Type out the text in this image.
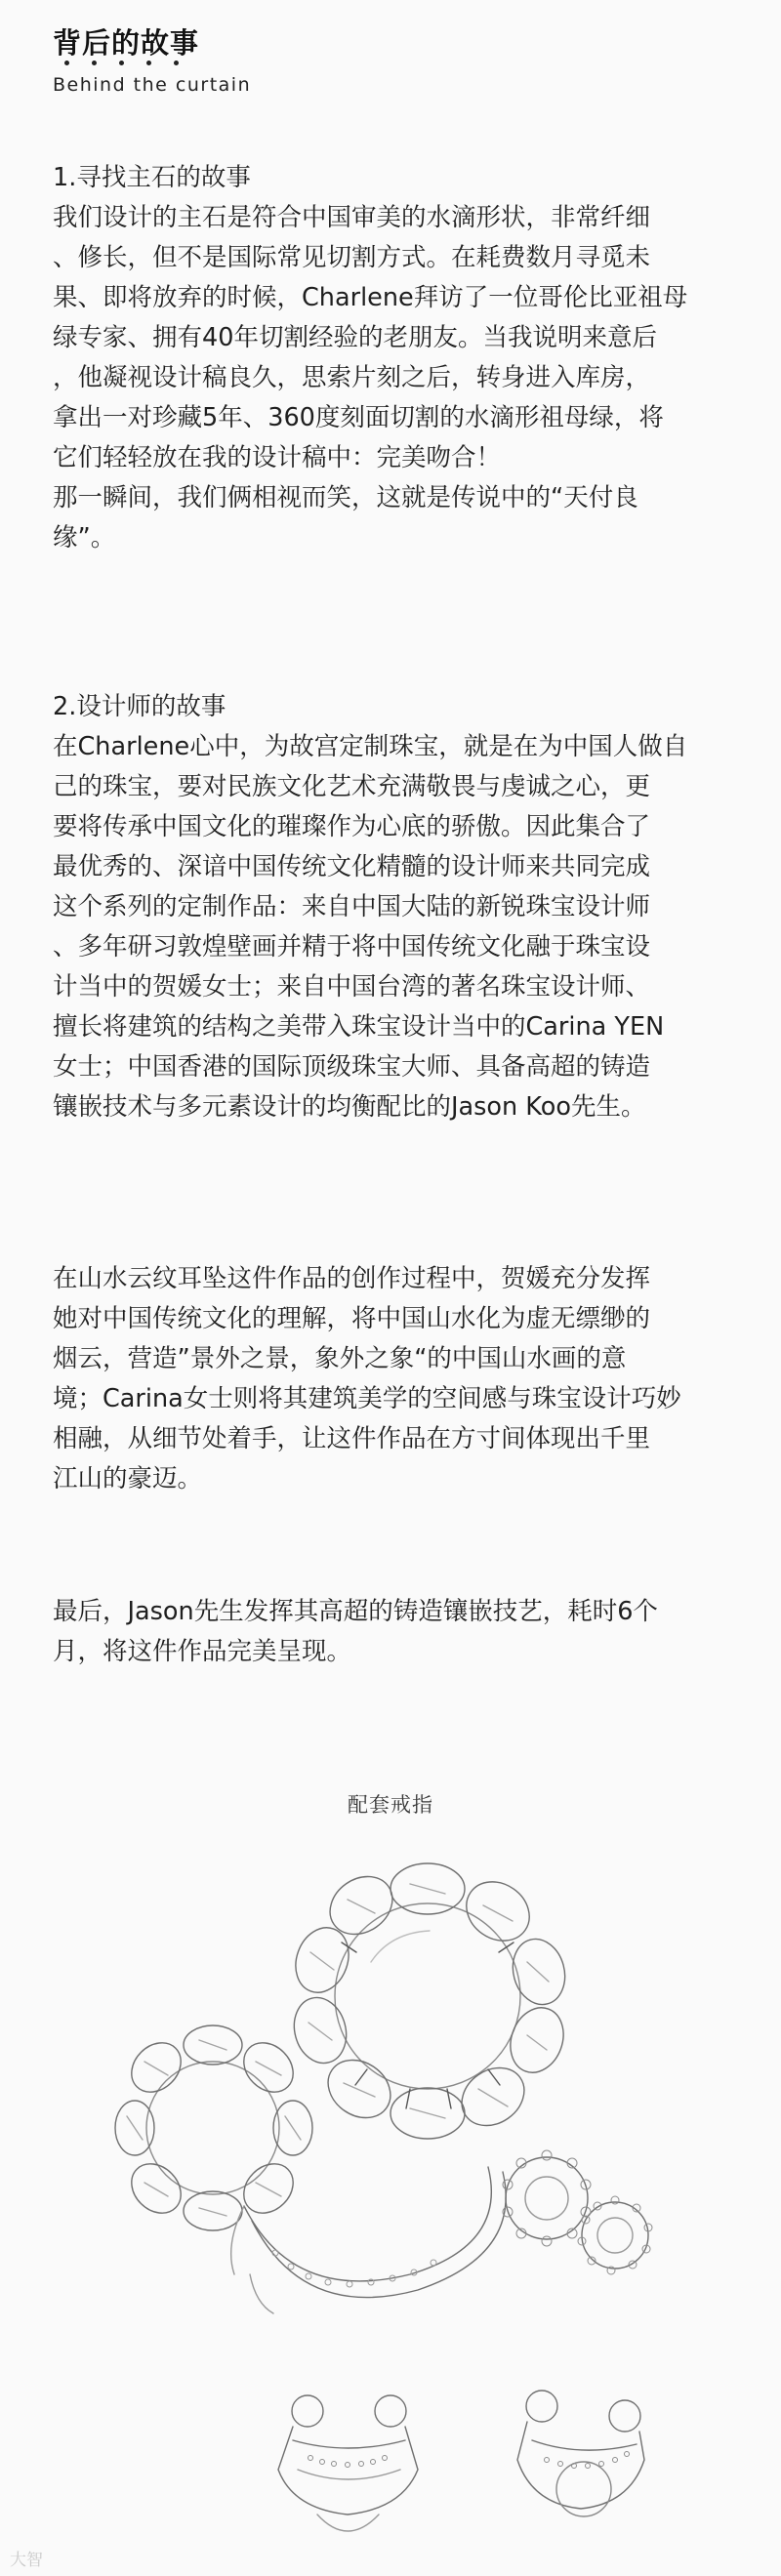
背后的故事
Behind the curtain
1.寻找主石的故事
我们设计的主石是符合中国审美的水滴形状，非常纤细
、修长，但不是国际常见切割方式。在耗费数月寻觅未
果、即将放弃的时候，Charlene拜访了一位哥伦比亚祖母
绿专家、拥有40年切割经验的老朋友。当我说明来意后
，他凝视设计稿良久，思索片刻之后，转身进入库房，
拿出一对珍藏5年、360度刻面切割的水滴形祖母绿，将
它们轻轻放在我的设计稿中：完美吻合！
那一瞬间，我们俩相视而笑，这就是传说中的“天付良
缘”。
2.设计师的故事
在Charlene心中，为故宫定制珠宝，就是在为中国人做自
己的珠宝，要对民族文化艺术充满敬畏与虔诚之心，更
要将传承中国文化的璀璨作为心底的骄傲。因此集合了
最优秀的、深谙中国传统文化精髓的设计师来共同完成
这个系列的定制作品：来自中国大陆的新锐珠宝设计师
、多年研习敦煌壁画并精于将中国传统文化融于珠宝设
计当中的贺媛女士；来自中国台湾的著名珠宝设计师、
擅长将建筑的结构之美带入珠宝设计当中的Carina YEN
女士；中国香港的国际顶级珠宝大师、具备高超的铸造
镶嵌技术与多元素设计的均衡配比的Jason Koo先生。
在山水云纹耳坠这件作品的创作过程中，贺媛充分发挥
她对中国传统文化的理解，将中国山水化为虚无缥缈的
烟云，营造”景外之景，象外之象“的中国山水画的意
境；Carina女士则将其建筑美学的空间感与珠宝设计巧妙
相融，从细节处着手，让这件作品在方寸间体现出千里
江山的豪迈。
最后，Jason先生发挥其高超的铸造镶嵌技艺，耗时6个
月，将这件作品完美呈现。
配套戒指
大智
